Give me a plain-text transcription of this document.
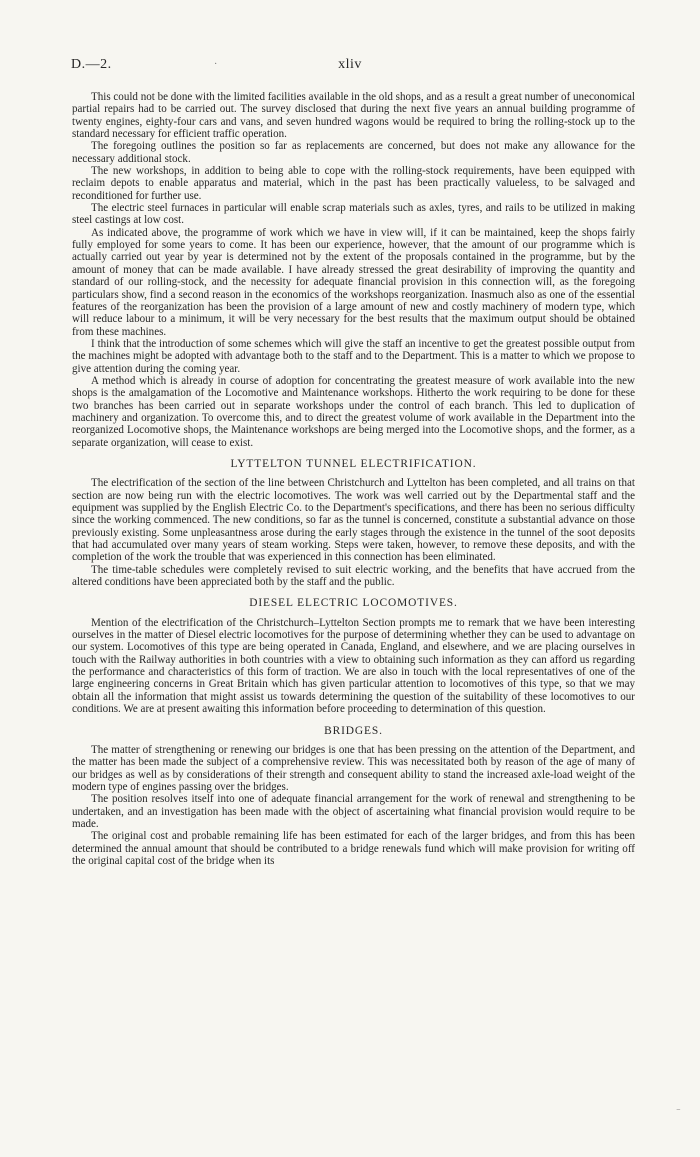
D.—2.	·	xliv

This could not be done with the limited facilities available in the old shops, and as a result a great number of uneconomical partial repairs had to be carried out. The survey disclosed that during the next five years an annual building programme of twenty engines, eighty-four cars and vans, and seven hundred wagons would be required to bring the rolling-stock up to the standard necessary for efficient traffic operation.

The foregoing outlines the position so far as replacements are concerned, but does not make any allowance for the necessary additional stock.

The new workshops, in addition to being able to cope with the rolling-stock requirements, have been equipped with reclaim depots to enable apparatus and material, which in the past has been practically valueless, to be salvaged and reconditioned for further use.

The electric steel furnaces in particular will enable scrap materials such as axles, tyres, and rails to be utilized in making steel castings at low cost.

As indicated above, the programme of work which we have in view will, if it can be maintained, keep the shops fairly fully employed for some years to come. It has been our experience, however, that the amount of our programme which is actually carried out year by year is determined not by the extent of the proposals contained in the programme, but by the amount of money that can be made available. I have already stressed the great desirability of improving the quantity and standard of our rolling-stock, and the necessity for adequate financial provision in this connection will, as the foregoing particulars show, find a second reason in the economics of the workshops reorganization. Inasmuch also as one of the essential features of the reorganization has been the provision of a large amount of new and costly machinery of modern type, which will reduce labour to a minimum, it will be very necessary for the best results that the maximum output should be obtained from these machines.

I think that the introduction of some schemes which will give the staff an incentive to get the greatest possible output from the machines might be adopted with advantage both to the staff and to the Department. This is a matter to which we propose to give attention during the coming year.

A method which is already in course of adoption for concentrating the greatest measure of work available into the new shops is the amalgamation of the Locomotive and Maintenance workshops. Hitherto the work requiring to be done for these two branches has been carried out in separate workshops under the control of each branch. This led to duplication of machinery and organization. To overcome this, and to direct the greatest volume of work available in the Department into the reorganized Locomotive shops, the Maintenance workshops are being merged into the Locomotive shops, and the former, as a separate organization, will cease to exist.

LYTTELTON TUNNEL ELECTRIFICATION.

The electrification of the section of the line between Christchurch and Lyttelton has been completed, and all trains on that section are now being run with the electric locomotives. The work was well carried out by the Departmental staff and the equipment was supplied by the English Electric Co. to the Department's specifications, and there has been no serious difficulty since the working commenced. The new conditions, so far as the tunnel is concerned, constitute a substantial advance on those previously existing. Some unpleasantness arose during the early stages through the existence in the tunnel of the soot deposits that had accumulated over many years of steam working. Steps were taken, however, to remove these deposits, and with the completion of the work the trouble that was experienced in this connection has been eliminated.

The time-table schedules were completely revised to suit electric working, and the benefits that have accrued from the altered conditions have been appreciated both by the staff and the public.

DIESEL ELECTRIC LOCOMOTIVES.

Mention of the electrification of the Christchurch–Lyttelton Section prompts me to remark that we have been interesting ourselves in the matter of Diesel electric locomotives for the purpose of determining whether they can be used to advantage on our system. Locomotives of this type are being operated in Canada, England, and elsewhere, and we are placing ourselves in touch with the Railway authorities in both countries with a view to obtaining such information as they can afford us regarding the performance and characteristics of this form of traction. We are also in touch with the local representatives of one of the large engineering concerns in Great Britain which has given particular attention to locomotives of this type, so that we may obtain all the information that might assist us towards determining the question of the suitability of these locomotives to our conditions. We are at present awaiting this information before proceeding to determination of this question.

BRIDGES.

The matter of strengthening or renewing our bridges is one that has been pressing on the attention of the Department, and the matter has been made the subject of a comprehensive review. This was necessitated both by reason of the age of many of our bridges as well as by considerations of their strength and consequent ability to stand the increased axle-load weight of the modern type of engines passing over the bridges.

The position resolves itself into one of adequate financial arrangement for the work of renewal and strengthening to be undertaken, and an investigation has been made with the object of ascertaining what financial provision would require to be made.

The original cost and probable remaining life has been estimated for each of the larger bridges, and from this has been determined the annual amount that should be contributed to a bridge renewals fund which will make provision for writing off the original capital cost of the bridge when its

⁻
